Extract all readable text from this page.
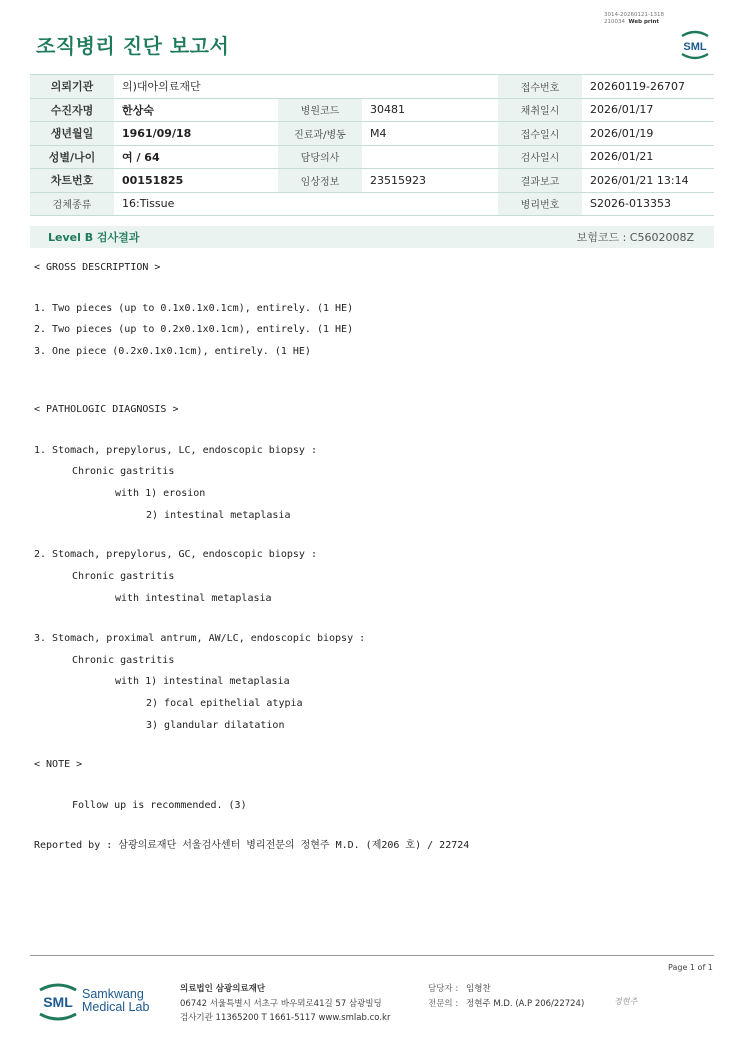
3014-20260121-1318
210034 Web print
조직병리 진단 보고서	SML
의뢰기관	의)대아의료재단			접수번호	20260119-26707
수진자명	한상숙	병원코드	30481	채취일시	2026/01/17
생년월일	1961/09/18	진료과/병동	M4	접수일시	2026/01/19
성별/나이	여 / 64	담당의사		검사일시	2026/01/21
차트번호	00151825	임상정보	23515923	결과보고	2026/01/21 13:14
검체종류	16:Tissue			병리번호	S2026-013353
Level B 검사결과	보험코드 : C5602008Z
< GROSS DESCRIPTION >
1. Two pieces (up to 0.1x0.1x0.1cm), entirely. (1 HE)
2. Two pieces (up to 0.2x0.1x0.1cm), entirely. (1 HE)
3. One piece (0.2x0.1x0.1cm), entirely. (1 HE)
< PATHOLOGIC DIAGNOSIS >
1. Stomach, prepylorus, LC, endoscopic biopsy :
Chronic gastritis
with 1) erosion
2) intestinal metaplasia
2. Stomach, prepylorus, GC, endoscopic biopsy :
Chronic gastritis
with intestinal metaplasia
3. Stomach, proximal antrum, AW/LC, endoscopic biopsy :
Chronic gastritis
with 1) intestinal metaplasia
2) focal epithelial atypia
3) glandular dilatation
< NOTE >
Follow up is recommended. (3)
Reported by : 삼광의료재단 서울검사센터 병리전문의 정현주 M.D. (제206 호) / 22724
Page 1 of 1
SML Samkwang
Medical Lab
의료법인 삼광의료재단
06742 서울특별시 서초구 바우뫼로41길 57 삼광빌딩
검사기관 11365200 T 1661-5117 www.smlab.co.kr
담당자 : 임형찬
전문의 : 정현주 M.D. (A.P 206/22724)	정현주
